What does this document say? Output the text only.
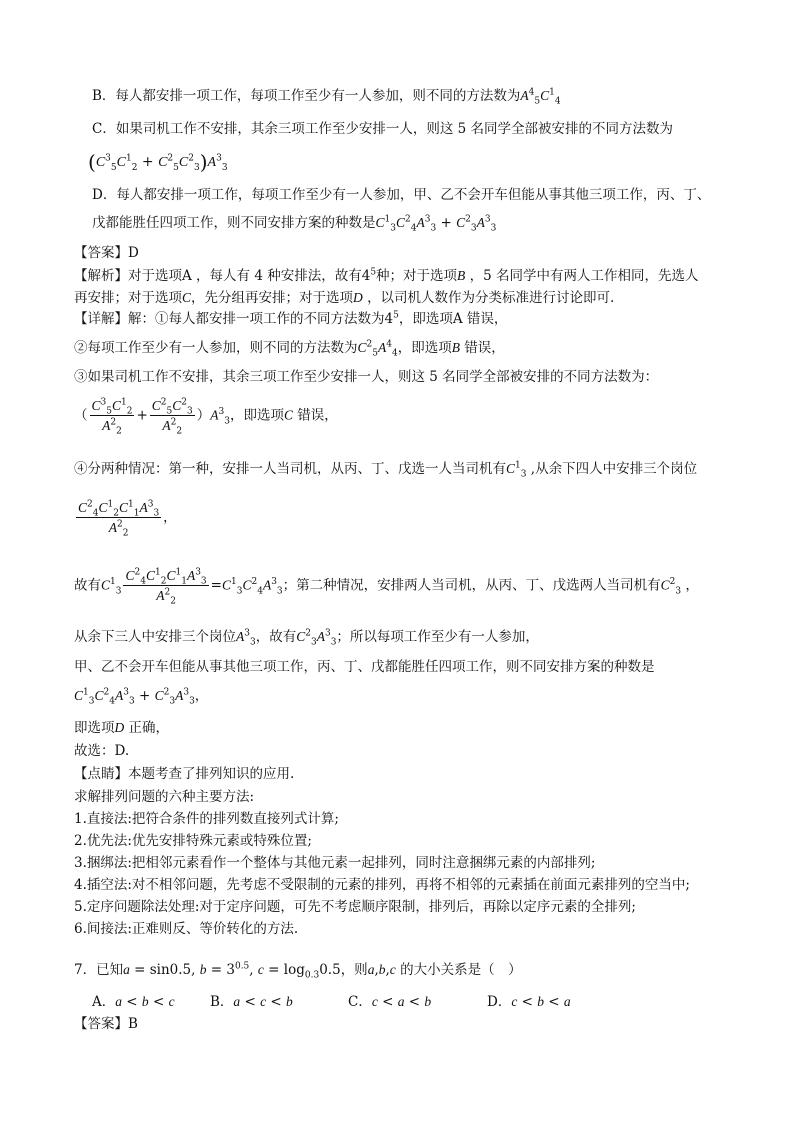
B．每人都安排一项工作，每项工作至少有一人参加，则不同的方法数为$A^4_5C^1_4$
C．如果司机工作不安排，其余三项工作至少安排一人，则这 5 名同学全部被安排的不同方法数为
$(C^3_5C^1_2 + C^2_5C^2_3)A^3_3$
D．每人都安排一项工作，每项工作至少有一人参加，甲、乙不会开车但能从事其他三项工作，丙、丁、
戊都能胜任四项工作，则不同安排方案的种数是$C^1_3C^2_4A^3_3 + C^2_3A^3_3$
【答案】D
【解析】对于选项A ，每人有 4 种安排法，故有$4^5$种；对于选项B ，5 名同学中有两人工作相同，先选人
再安排；对于选项C，先分组再安排；对于选项D ，以司机人数作为分类标准进行讨论即可.
【详解】解：①每人都安排一项工作的不同方法数为$4^5$，即选项A 错误，
②每项工作至少有一人参加，则不同的方法数为$C^2_5A^4_4$，即选项B 错误，
③如果司机工作不安排，其余三项工作至少安排一人，则这 5 名同学全部被安排的不同方法数为：
（ $\frac{C^3_5C^1_2}{A^2_2} + \frac{C^2_5C^2_3}{A^2_2} )A^3_3$，即选项C 错误，
④分两种情况：第一种，安排一人当司机，从丙、丁、戊选一人当司机有$C^1_3$ ,从余下四人中安排三个岗位
$\frac{C^2_4C^1_2C^1_1A^3_3}{A^2_2}$ ，
故有$C^1_3 \frac{C^2_4C^1_2C^1_1A^3_3}{A^2_2} =C^1_3C^2_4A^3_3$；第二种情况，安排两人当司机，从丙、丁、戊选两人当司机有$C^2_3$ ，
从余下三人中安排三个岗位$A^3_3$，故有$C^2_3A^3_3$；所以每项工作至少有一人参加，
甲、乙不会开车但能从事其他三项工作，丙、丁、戊都能胜任四项工作，则不同安排方案的种数是
$C^1_3C^2_4A^3_3 + C^2_3A^3_3$，
即选项D 正确，
故选：D.
【点睛】本题考查了排列知识的应用.
求解排列问题的六种主要方法:
1.直接法:把符合条件的排列数直接列式计算;
2.优先法:优先安排特殊元素或特殊位置;
3.捆绑法:把相邻元素看作一个整体与其他元素一起排列，同时注意捆绑元素的内部排列;
4.插空法:对不相邻问题，先考虑不受限制的元素的排列，再将不相邻的元素插在前面元素排列的空当中;
5.定序问题除法处理:对于定序问题，可先不考虑顺序限制，排列后，再除以定序元素的全排列;
6.间接法:正难则反、等价转化的方法.
7．已知a = sin0.5, $b = 3^{0.5}$, $c = \log_{0.3}0.5$，则a,b,c 的大小关系是（　）
A．a < b < c	B．a < c < b	C．c < a < b	D．c < b < a
【答案】B
